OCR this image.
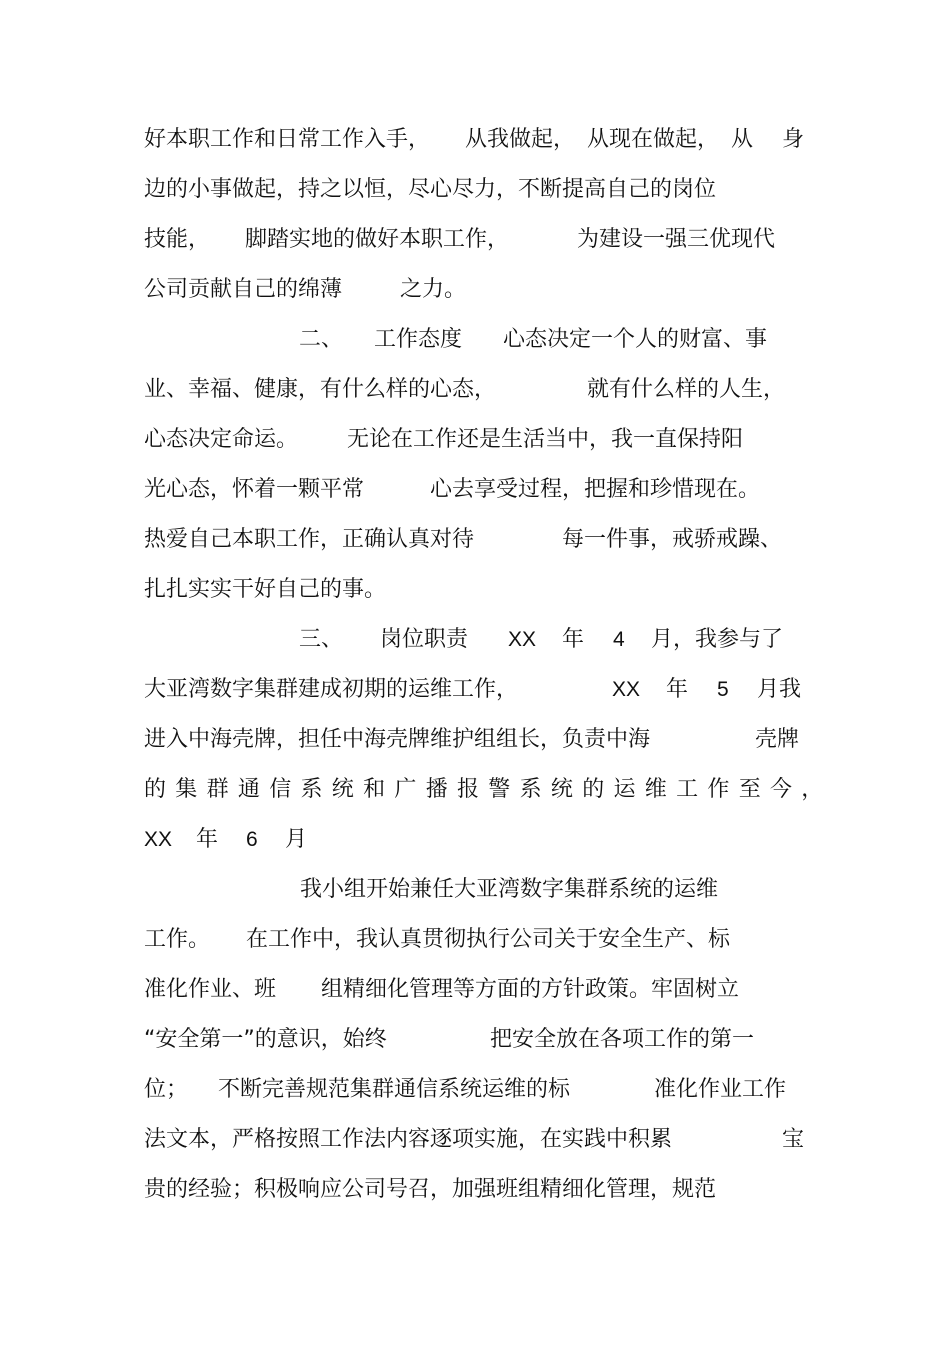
好本职工作和日常工作入手， 从我做起， 从现在做起， 从 身
边的小事做起，持之以恒，尽心尽力，不断提高自己的岗位
技能， 脚踏实地的做好本职工作，	为建设一强三优现代
公司贡献自己的绵薄	之力。
二、 工作态度 心态决定一个人的财富、事
业、幸福、健康，有什么样的心态，	就有什么样的人生，
心态决定命运。 无论在工作还是生活当中，我一直保持阳
光心态，怀着一颗平常	心去享受过程，把握和珍惜现在。
热爱自己本职工作，正确认真对待	每一件事，戒骄戒躁、
扎扎实实干好自己的事。
三、 岗位职责 XX 年 4 月，我参与了
大亚湾数字集群建成初期的运维工作，	XX 年 5 月我
进入中海壳牌，担任中海壳牌维护组组长，负责中海	壳牌
的集群通信系统和广播报警系统的运维工作至今，
XX 年 6 月
我小组开始兼任大亚湾数字集群系统的运维
工作。 在工作中，我认真贯彻执行公司关于安全生产、标
准化作业、班 组精细化管理等方面的方针政策。牢固树立
“安全第一”的意识，始终	把安全放在各项工作的第一
位； 不断完善规范集群通信系统运维的标	准化作业工作
法文本，严格按照工作法内容逐项实施，在实践中积累	宝
贵的经验；积极响应公司号召，加强班组精细化管理，规范
